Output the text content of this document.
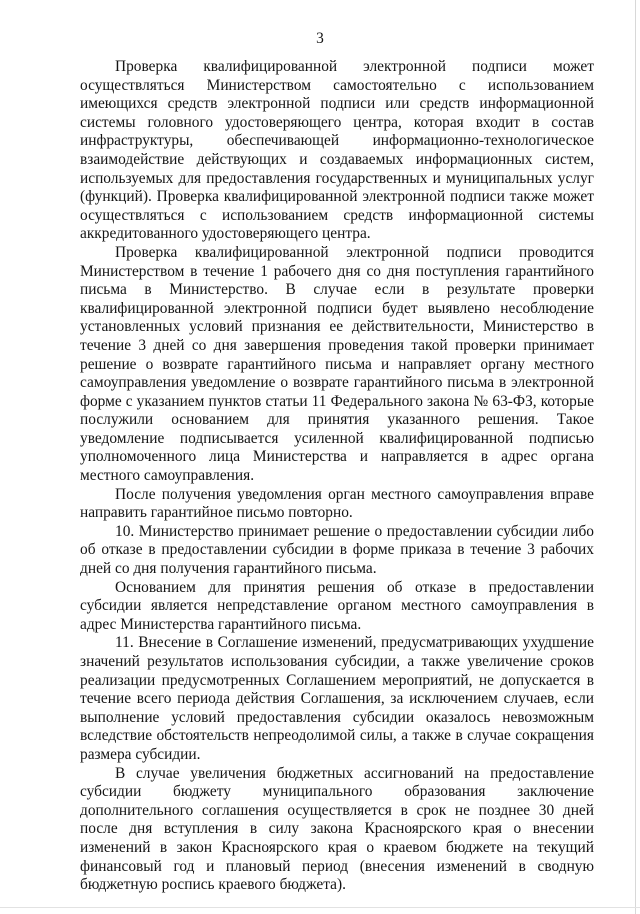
3

Проверка квалифицированной электронной подписи может осуществляться Министерством самостоятельно с использованием имеющихся средств электронной подписи или средств информационной системы головного удостоверяющего центра, которая входит в состав инфраструктуры, обеспечивающей информационно-технологическое взаимодействие действующих и создаваемых информационных систем, используемых для предоставления государственных и муниципальных услуг (функций). Проверка квалифицированной электронной подписи также может осуществляться с использованием средств информационной системы аккредитованного удостоверяющего центра.

Проверка квалифицированной электронной подписи проводится Министерством в течение 1 рабочего дня со дня поступления гарантийного письма в Министерство. В случае если в результате проверки квалифицированной электронной подписи будет выявлено несоблюдение установленных условий признания ее действительности, Министерство в течение 3 дней со дня завершения проведения такой проверки принимает решение о возврате гарантийного письма и направляет органу местного самоуправления уведомление о возврате гарантийного письма в электронной форме с указанием пунктов статьи 11 Федерального закона № 63-ФЗ, которые послужили основанием для принятия указанного решения. Такое уведомление подписывается усиленной квалифицированной подписью уполномоченного лица Министерства и направляется в адрес органа местного самоуправления.

После получения уведомления орган местного самоуправления вправе направить гарантийное письмо повторно.

10. Министерство принимает решение о предоставлении субсидии либо об отказе в предоставлении субсидии в форме приказа в течение 3 рабочих дней со дня получения гарантийного письма.

Основанием для принятия решения об отказе в предоставлении субсидии является непредставление органом местного самоуправления в адрес Министерства гарантийного письма.

11. Внесение в Соглашение изменений, предусматривающих ухудшение значений результатов использования субсидии, а также увеличение сроков реализации предусмотренных Соглашением мероприятий, не допускается в течение всего периода действия Соглашения, за исключением случаев, если выполнение условий предоставления субсидии оказалось невозможным вследствие обстоятельств непреодолимой силы, а также в случае сокращения размера субсидии.

В случае увеличения бюджетных ассигнований на предоставление субсидии бюджету муниципального образования заключение дополнительного соглашения осуществляется в срок не позднее 30 дней после дня вступления в силу закона Красноярского края о внесении изменений в закон Красноярского края о краевом бюджете на текущий финансовый год и плановый период (внесения изменений в сводную бюджетную роспись краевого бюджета).
